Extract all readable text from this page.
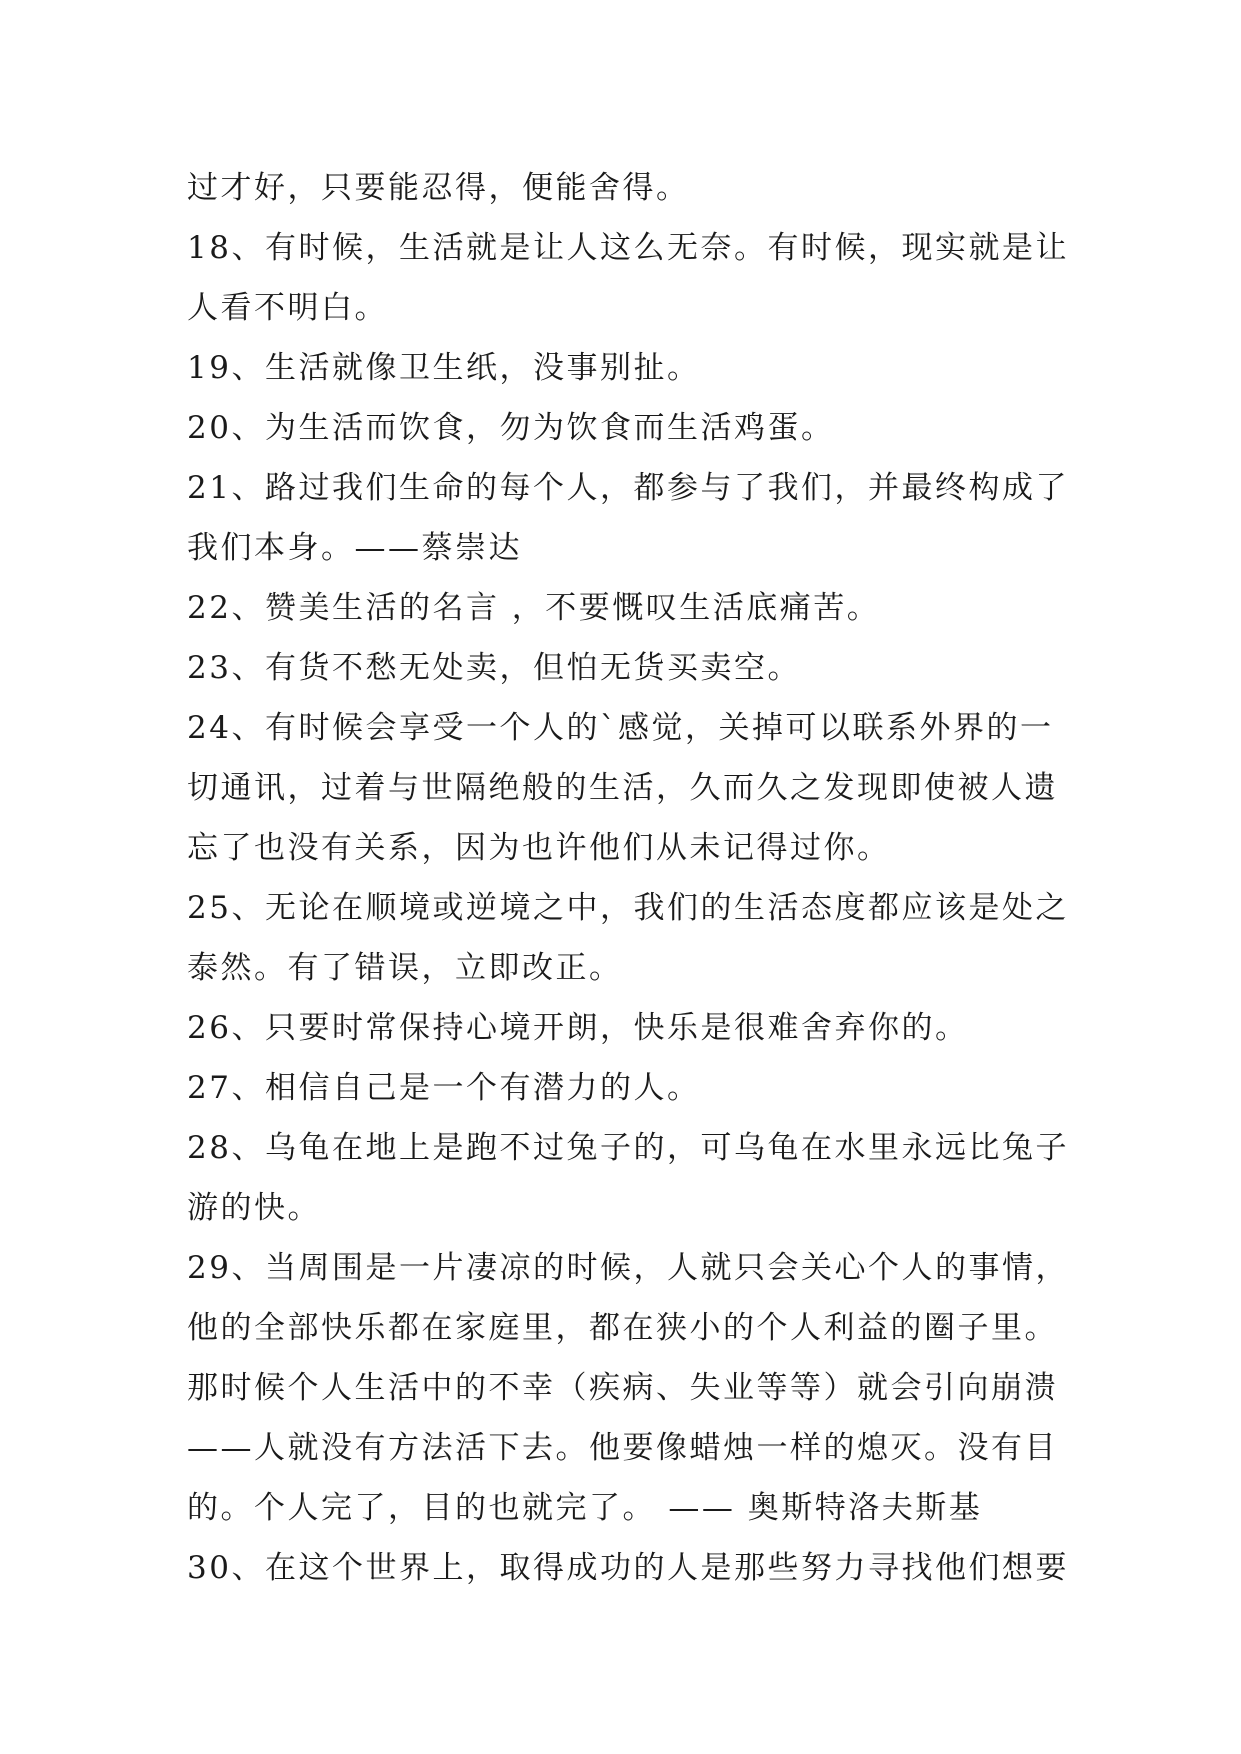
过才好，只要能忍得，便能舍得。
18、有时候，生活就是让人这么无奈。有时候，现实就是让
人看不明白。
19、生活就像卫生纸，没事别扯。
20、为生活而饮食，勿为饮食而生活鸡蛋。
21、路过我们生命的每个人，都参与了我们，并最终构成了
我们本身。——蔡崇达
22、赞美生活的名言 ，不要慨叹生活底痛苦。
23、有货不愁无处卖，但怕无货买卖空。
24、有时候会享受一个人的`感觉，关掉可以联系外界的一
切通讯，过着与世隔绝般的生活，久而久之发现即使被人遗
忘了也没有关系，因为也许他们从未记得过你。
25、无论在顺境或逆境之中，我们的生活态度都应该是处之
泰然。有了错误，立即改正。
26、只要时常保持心境开朗，快乐是很难舍弃你的。
27、相信自己是一个有潜力的人。
28、乌龟在地上是跑不过兔子的，可乌龟在水里永远比兔子
游的快。
29、当周围是一片凄凉的时候，人就只会关心个人的事情，
他的全部快乐都在家庭里，都在狭小的个人利益的圈子里。
那时候个人生活中的不幸（疾病、失业等等）就会引向崩溃
——人就没有方法活下去。他要像蜡烛一样的熄灭。没有目
的。个人完了，目的也就完了。 —— 奥斯特洛夫斯基
30、在这个世界上，取得成功的人是那些努力寻找他们想要
